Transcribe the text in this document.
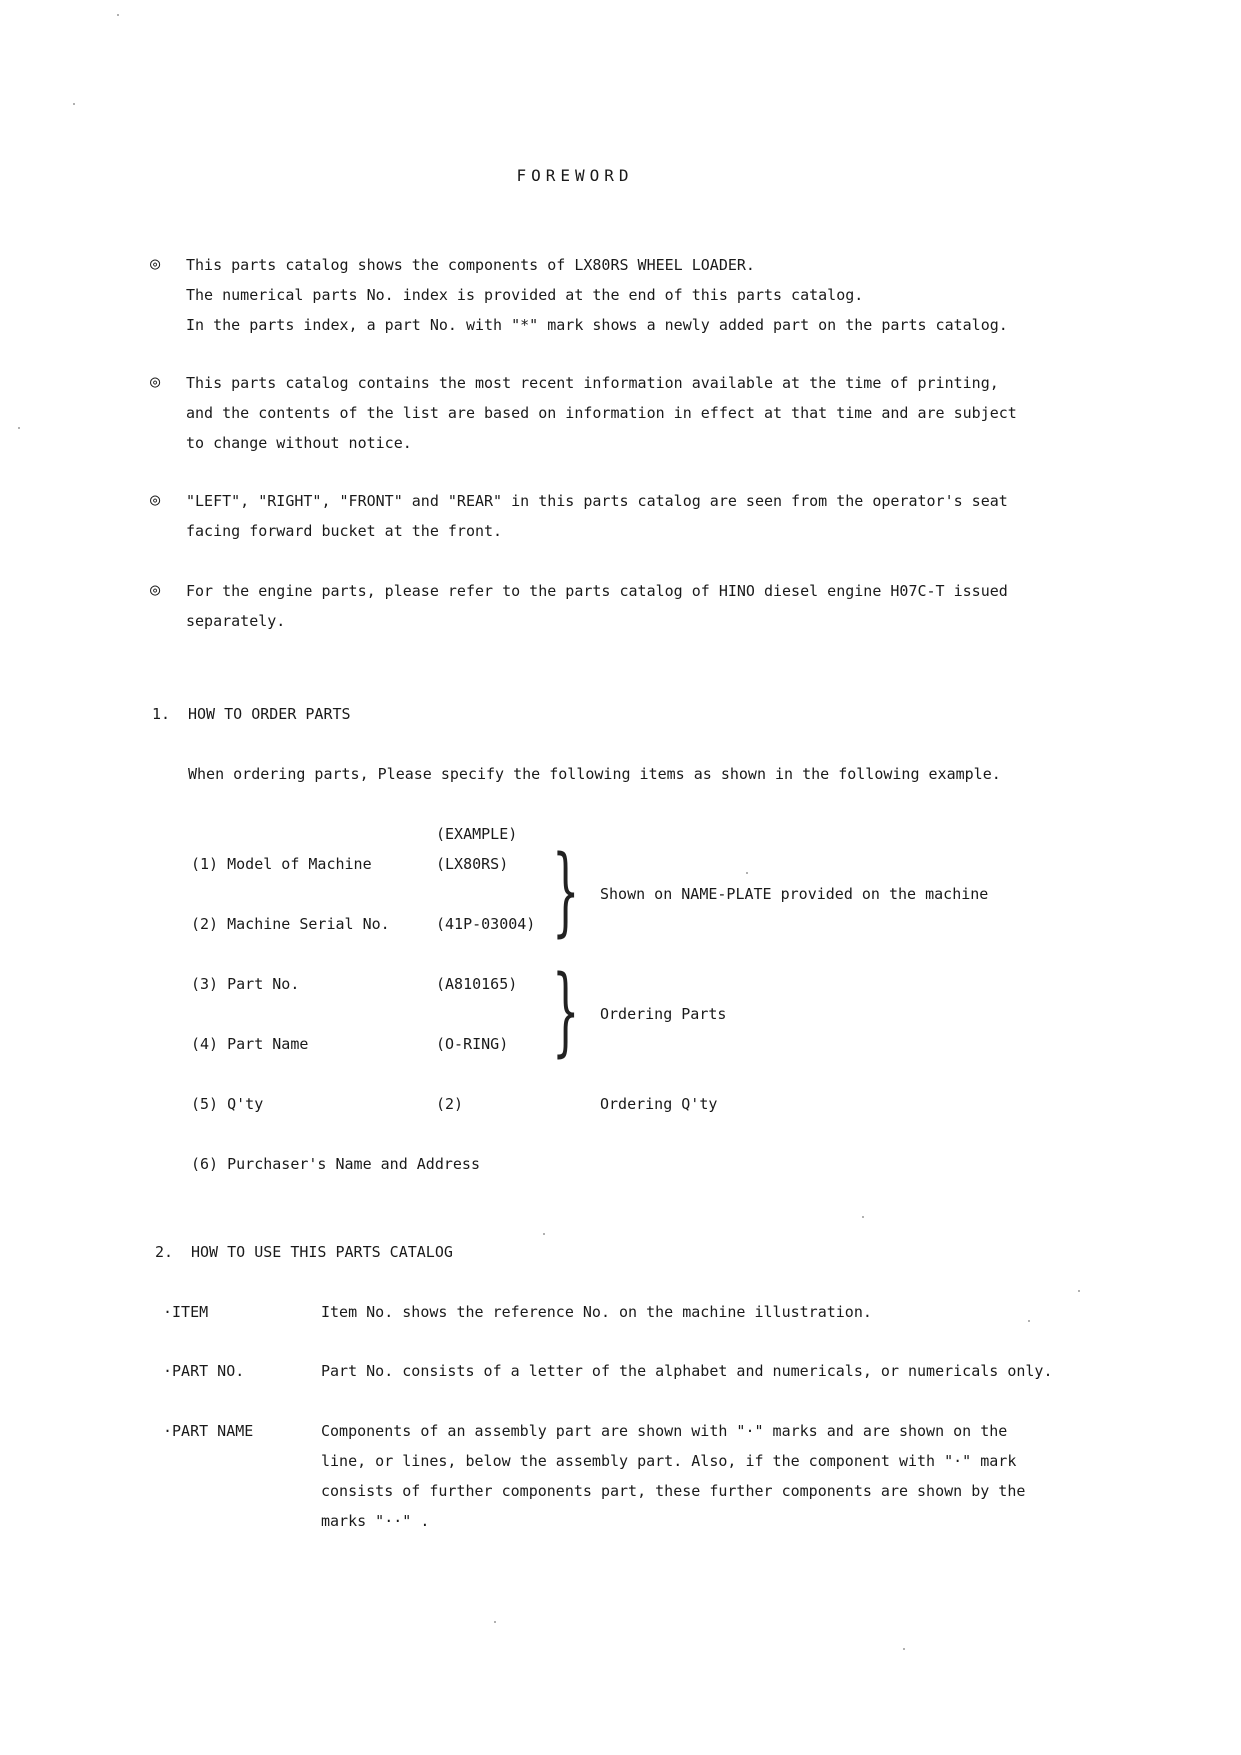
FOREWORD
◎ This parts catalog shows the components of LX80RS WHEEL LOADER.
The numerical parts No. index is provided at the end of this parts catalog.
In the parts index, a part No. with "*" mark shows a newly added part on the parts catalog.
◎ This parts catalog contains the most recent information available at the time of printing,
and the contents of the list are based on information in effect at that time and are subject
to change without notice.
◎ "LEFT", "RIGHT", "FRONT" and "REAR" in this parts catalog are seen from the operator's seat
facing forward bucket at the front.
◎ For the engine parts, please refer to the parts catalog of HINO diesel engine H07C-T issued
separately.
1. HOW TO ORDER PARTS
When ordering parts, Please specify the following items as shown in the following example.
(EXAMPLE)
(1) Model of Machine	(LX80RS)
(2) Machine Serial No.	(41P-03004) } Shown on NAME-PLATE provided on the machine
(3) Part No.	(A810165)
(4) Part Name	(O-RING) } Ordering Parts
(5) Q'ty	(2)	Ordering Q'ty
(6) Purchaser's Name and Address
2. HOW TO USE THIS PARTS CATALOG
·ITEM	Item No. shows the reference No. on the machine illustration.
·PART NO.	Part No. consists of a letter of the alphabet and numericals, or numericals only.
·PART NAME	Components of an assembly part are shown with "·" marks and are shown on the
line, or lines, below the assembly part. Also, if the component with "·" mark
consists of further components part, these further components are shown by the
marks "··" .
